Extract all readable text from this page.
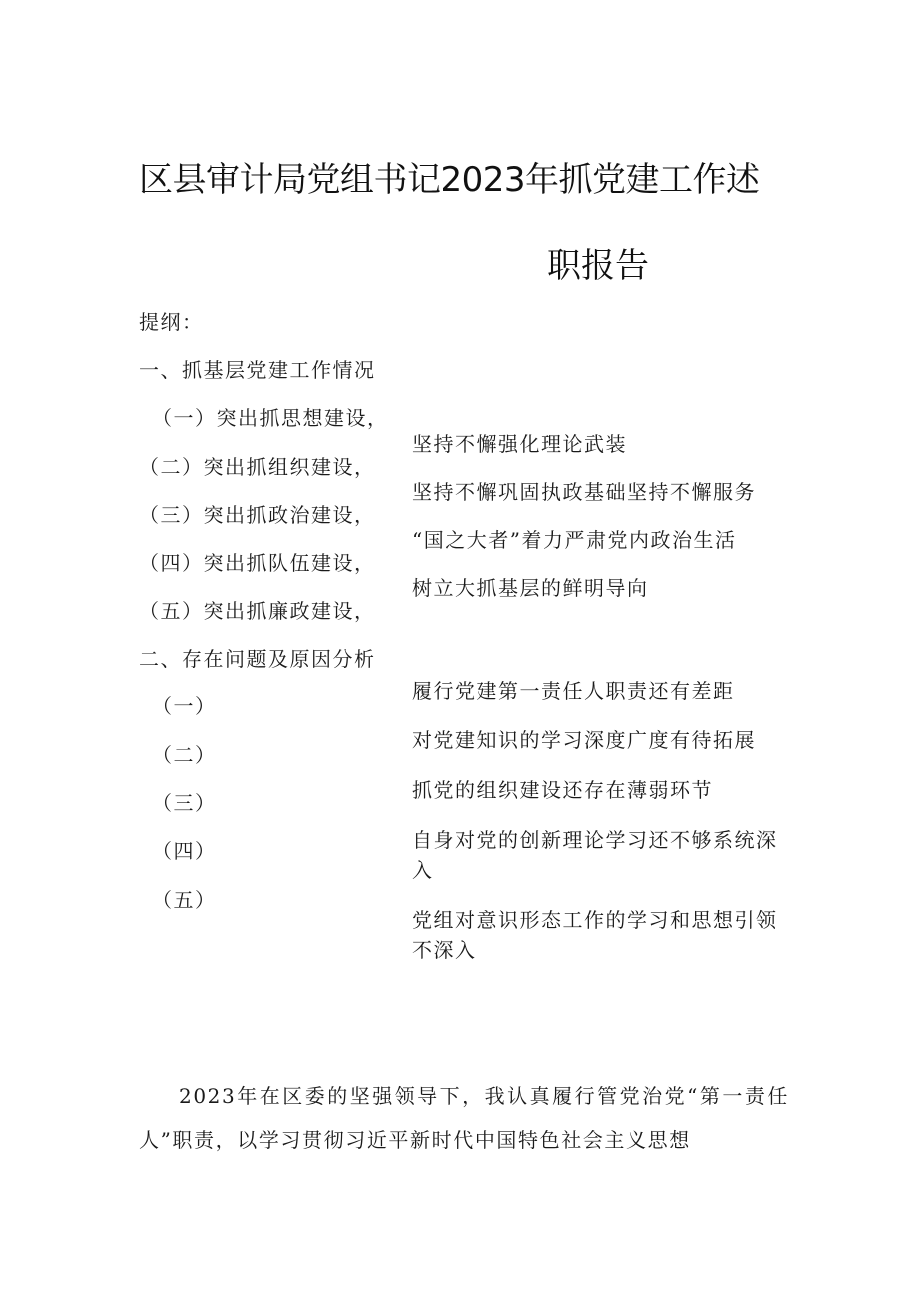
区县审计局党组书记2023年抓党建工作述
职报告
提纲：
一、抓基层党建工作情况
（一）突出抓思想建设，
（二）突出抓组织建设，
（三）突出抓政治建设，
（四）突出抓队伍建设，
（五）突出抓廉政建设，
坚持不懈强化理论武装
坚持不懈巩固执政基础坚持不懈服务
“国之大者”着力严肃党内政治生活
树立大抓基层的鲜明导向
二、存在问题及原因分析
（一）
（二）
（三）
（四）
（五）
履行党建第一责任人职责还有差距
对党建知识的学习深度广度有待拓展
抓党的组织建设还存在薄弱环节
自身对党的创新理论学习还不够系统深入
党组对意识形态工作的学习和思想引领不深入
2023年在区委的坚强领导下，我认真履行管党治党“第一责任人”职责，以学习贯彻习近平新时代中国特色社会主义思想
